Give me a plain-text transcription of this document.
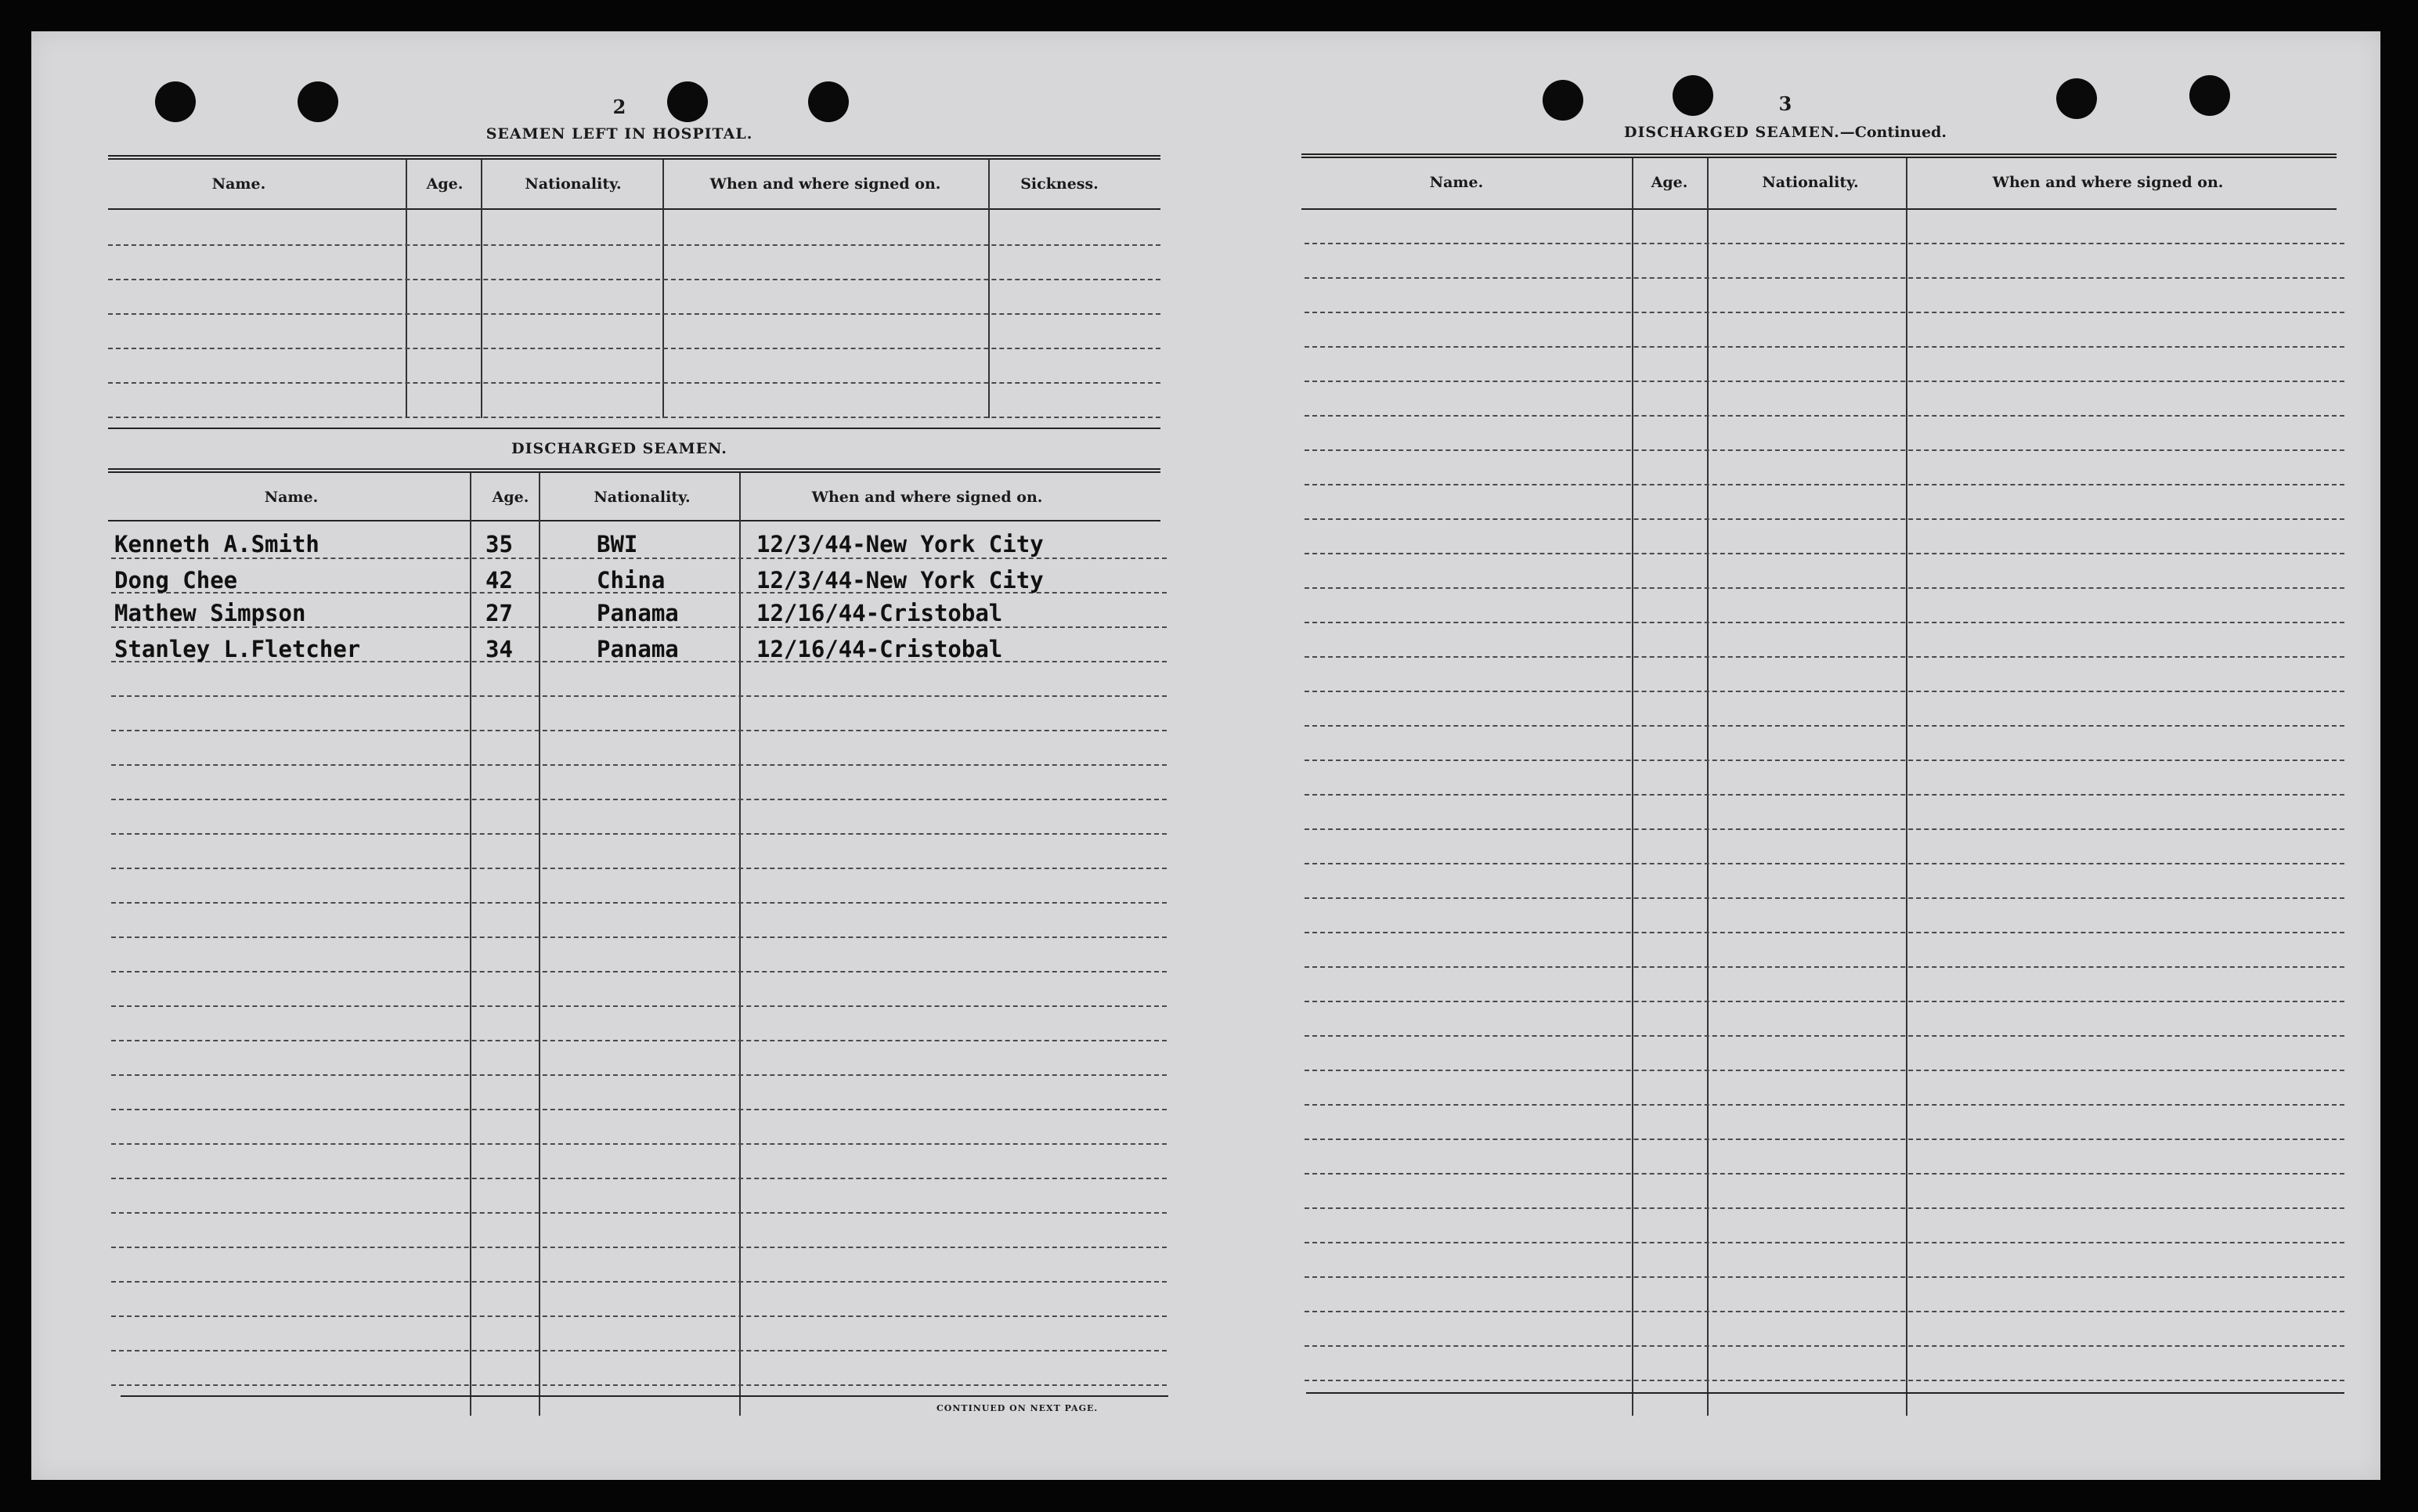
2
SEAMEN LEFT IN HOSPITAL.
Name.	Age.	Nationality.	When and where signed on.	Sickness.
DISCHARGED SEAMEN.
Name.	Age.	Nationality.	When and where signed on.
Kenneth A.Smith	35	BWI	12/3/44-New York City
Dong Chee	42	China	12/3/44-New York City
Mathew Simpson	27	Panama	12/16/44-Cristobal
Stanley L.Fletcher	34	Panama	12/16/44-Cristobal
CONTINUED ON NEXT PAGE.
3
DISCHARGED SEAMEN.—Continued.
Name.	Age.	Nationality.	When and where signed on.
